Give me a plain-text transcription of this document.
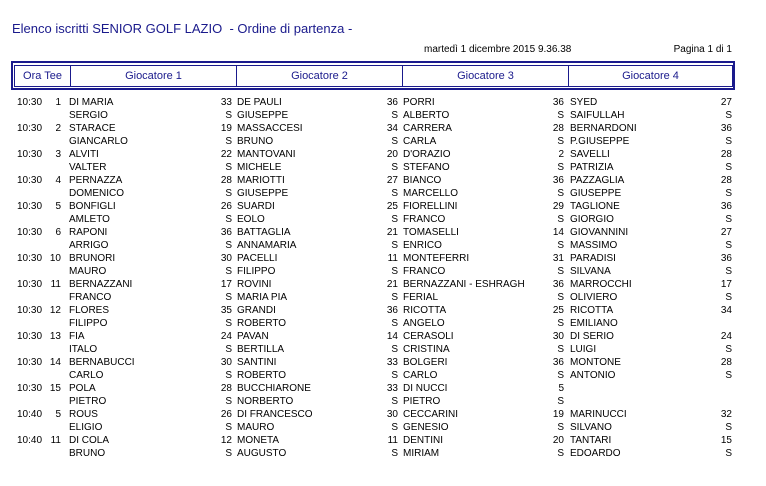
Elenco iscritti SENIOR GOLF LAZIO  - Ordine di partenza -
martedì 1 dicembre 2015 9.36.38	Pagina 1 di 1
Ora Tee	Giocatore 1	Giocatore 2	Giocatore 3	Giocatore 4
10:30	1 DI MARIA	33 DE PAULI	36 PORRI	36 SYED	27
SERGIO	S GIUSEPPE	S ALBERTO	S SAIFULLAH	S
10:30	2 STARACE	19 MASSACCESI	34 CARRERA	28 BERNARDONI	36
GIANCARLO	S BRUNO	S CARLA	S P.GIUSEPPE	S
10:30	3 ALVITI	22 MANTOVANI	20 D'ORAZIO	2 SAVELLI	28
VALTER	S MICHELE	S STEFANO	S PATRIZIA	S
10:30	4 PERNAZZA	28 MARIOTTI	27 BIANCO	36 PAZZAGLIA	28
DOMENICO	S GIUSEPPE	S MARCELLO	S GIUSEPPE	S
10:30	5 BONFIGLI	26 SUARDI	25 FIORELLINI	29 TAGLIONE	36
AMLETO	S EOLO	S FRANCO	S GIORGIO	S
10:30	6 RAPONI	36 BATTAGLIA	21 TOMASELLI	14 GIOVANNINI	27
ARRIGO	S ANNAMARIA	S ENRICO	S MASSIMO	S
10:30 10 BRUNORI	30 PACELLI	11 MONTEFERRI	31 PARADISI	36
MAURO	S FILIPPO	S FRANCO	S SILVANA	S
10:30 11 BERNAZZANI	17 ROVINI	21 BERNAZZANI - ESHRAGH	36 MARROCCHI	17
FRANCO	S MARIA PIA	S FERIAL	S OLIVIERO	S
10:30 12 FLORES	35 GRANDI	36 RICOTTA	25 RICOTTA	34
FILIPPO	S ROBERTO	S ANGELO	S EMILIANO
10:30 13 FIA	24 PAVAN	14 CERASOLI	30 DI SERIO	24
ITALO	S BERTILLA	S CRISTINA	S LUIGI	S
10:30 14 BERNABUCCI	30 SANTINI	33 BOLGERI	36 MONTONE	28
CARLO	S ROBERTO	S CARLO	S ANTONIO	S
10:30 15 POLA	28 BUCCHIARONE	33 DI NUCCI	5
PIETRO	S NORBERTO	S PIETRO	S
10:40	5 ROUS	26 DI FRANCESCO	30 CECCARINI	19 MARINUCCI	32
ELIGIO	S MAURO	S GENESIO	S SILVANO	S
10:40 11 DI COLA	12 MONETA	11 DENTINI	20 TANTARI	15
BRUNO	S AUGUSTO	S MIRIAM	S EDOARDO	S
